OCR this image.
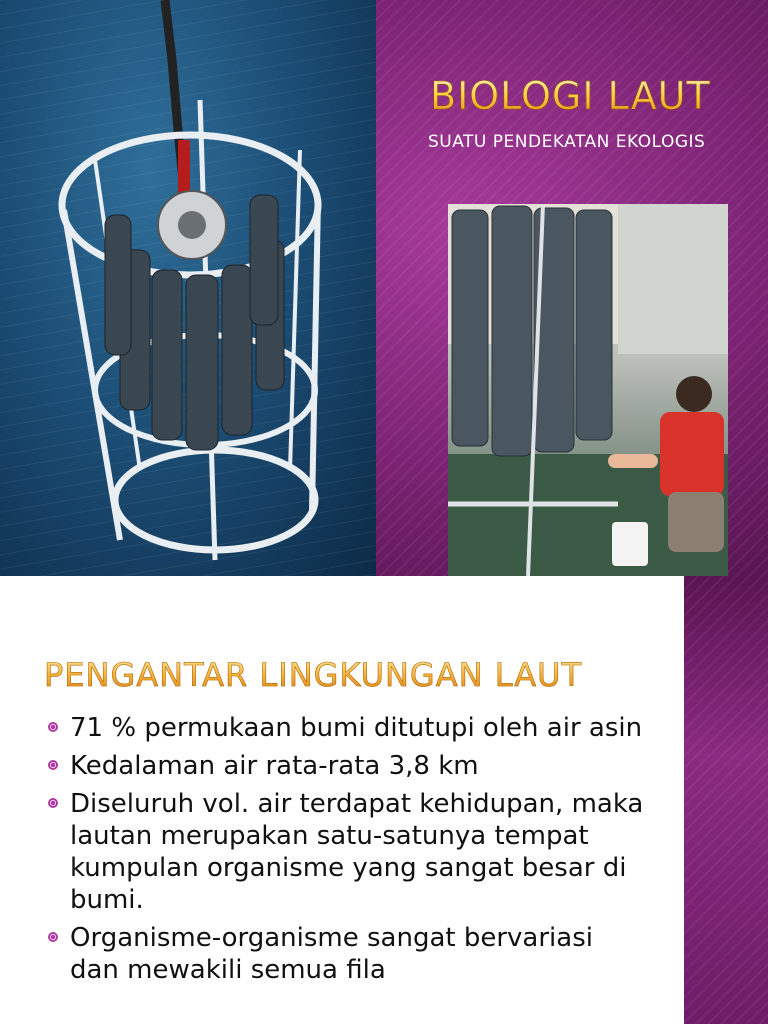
BIOLOGI LAUT

SUATU PENDEKATAN EKOLOGIS

PENGANTAR LINGKUNGAN LAUT
71 % permukaan bumi ditutupi oleh air asin
Kedalaman air rata-rata 3,8 km
Diseluruh vol. air terdapat kehidupan, maka lautan merupakan satu-satunya tempat kumpulan organisme yang sangat besar di bumi.
Organisme-organisme sangat bervariasi dan mewakili semua fila
